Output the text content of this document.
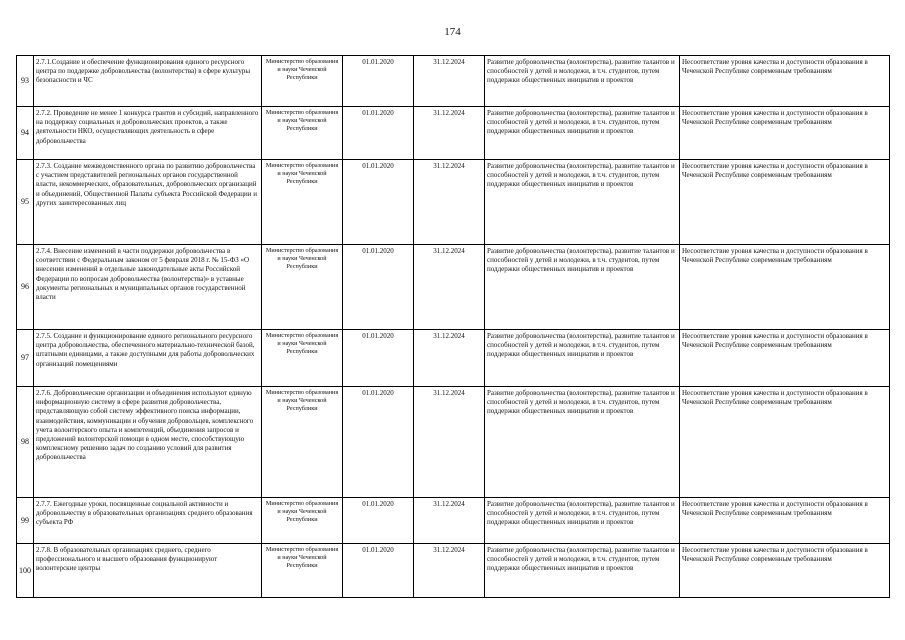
174
93	2.7.1.Создание и обеспечение функционирования единого ресурсного центра по поддержке добровольчества (волонтерства) в сфере культуры безопасности и ЧС	Министерство образования и науки Чеченской Республики	01.01.2020	31.12.2024	Развитие добровольчества (волонтерства), развитие талантов и способностей у детей и молодежи, в т.ч. студентов, путем поддержки общественных инициатив и проектов	Несоответствие уровня качества и доступности образования в Чеченской Республике современным требованиям
94	2.7.2. Проведение не менее 1 конкурса грантов и субсидий, направленного на поддержку социальных и добровольческих проектов, а также деятельности НКО, осуществляющих деятельность в сфере добровольчества	Министерство образования и науки Чеченской Республики	01.01.2020	31.12.2024	Развитие добровольчества (волонтерства), развитие талантов и способностей у детей и молодежи, в т.ч. студентов, путем поддержки общественных инициатив и проектов	Несоответствие уровня качества и доступности образования в Чеченской Республике современным требованиям
95	2.7.3. Создание межведомственного органа по развитию добровольчества с участием представителей региональных органов государственной власти, некоммерческих, образовательных, добровольческих организаций и объединений, Общественной Палаты субъекта Российской Федерации и других заинтересованных лиц	Министерство образования и науки Чеченской Республики	01.01.2020	31.12.2024	Развитие добровольчества (волонтерства), развитие талантов и способностей у детей и молодежи, в т.ч. студентов, путем поддержки общественных инициатив и проектов	Несоответствие уровня качества и доступности образования в Чеченской Республике современным требованиям
96	2.7.4. Внесение изменений в части поддержки добровольчества в соответствии с Федеральным законом от 5 февраля 2018 г. № 15-ФЗ «О внесении изменений в отдельные законодательные акты Российской Федерации по вопросам добровольчества (волонтерства)» в уставные документы региональных и муниципальных органов государственной власти	Министерство образования и науки Чеченской Республики	01.01.2020	31.12.2024	Развитие добровольчества (волонтерства), развитие талантов и способностей у детей и молодежи, в т.ч. студентов, путем поддержки общественных инициатив и проектов	Несоответствие уровня качества и доступности образования в Чеченской Республике современным требованиям
97	2.7.5. Создание и функционирование единого регионального ресурсного центра добровольчества, обеспеченного материально-технической базой, штатными единицами, а также доступными для работы добровольческих организаций помещениями	Министерство образования и науки Чеченской Республики	01.01.2020	31.12.2024	Развитие добровольчества (волонтерства), развитие талантов и способностей у детей и молодежи, в т.ч. студентов, путем поддержки общественных инициатив и проектов	Несоответствие уровня качества и доступности образования в Чеченской Республике современным требованиям
98	2.7.6. Добровольческие организации и объединения используют единую информационную систему в сфере развития добровольчества, представляющую собой систему эффективного поиска информации, взаимодействия, коммуникации и обучения добровольцев, комплексного учета волонтерского опыта и компетенций, объединения запросов и предложений волонтерской помощи в одном месте, способствующую комплексному решению задач по созданию условий для развития добровольчества	Министерство образования и науки Чеченской Республики	01.01.2020	31.12.2024	Развитие добровольчества (волонтерства), развитие талантов и способностей у детей и молодежи, в т.ч. студентов, путем поддержки общественных инициатив и проектов	Несоответствие уровня качества и доступности образования в Чеченской Республике современным требованиям
99	2.7.7. Ежегодные уроки, посвященные социальной активности и добровольчеству в образовательных организациях среднего образования субъекта РФ	Министерство образования и науки Чеченской Республики	01.01.2020	31.12.2024	Развитие добровольчества (волонтерства), развитие талантов и способностей у детей и молодежи, в т.ч. студентов, путем поддержки общественных инициатив и проектов	Несоответствие уровня качества и доступности образования в Чеченской Республике современным требованиям
100	2.7.8. В образовательных организациях среднего, среднего профессионального и высшего образования функционируют волонтерские центры	Министерство образования и науки Чеченской Республики	01.01.2020	31.12.2024	Развитие добровольчества (волонтерства), развитие талантов и способностей у детей и молодежи, в т.ч. студентов, путем поддержки общественных инициатив и проектов	Несоответствие уровня качества и доступности образования в Чеченской Республике современным требованиям
